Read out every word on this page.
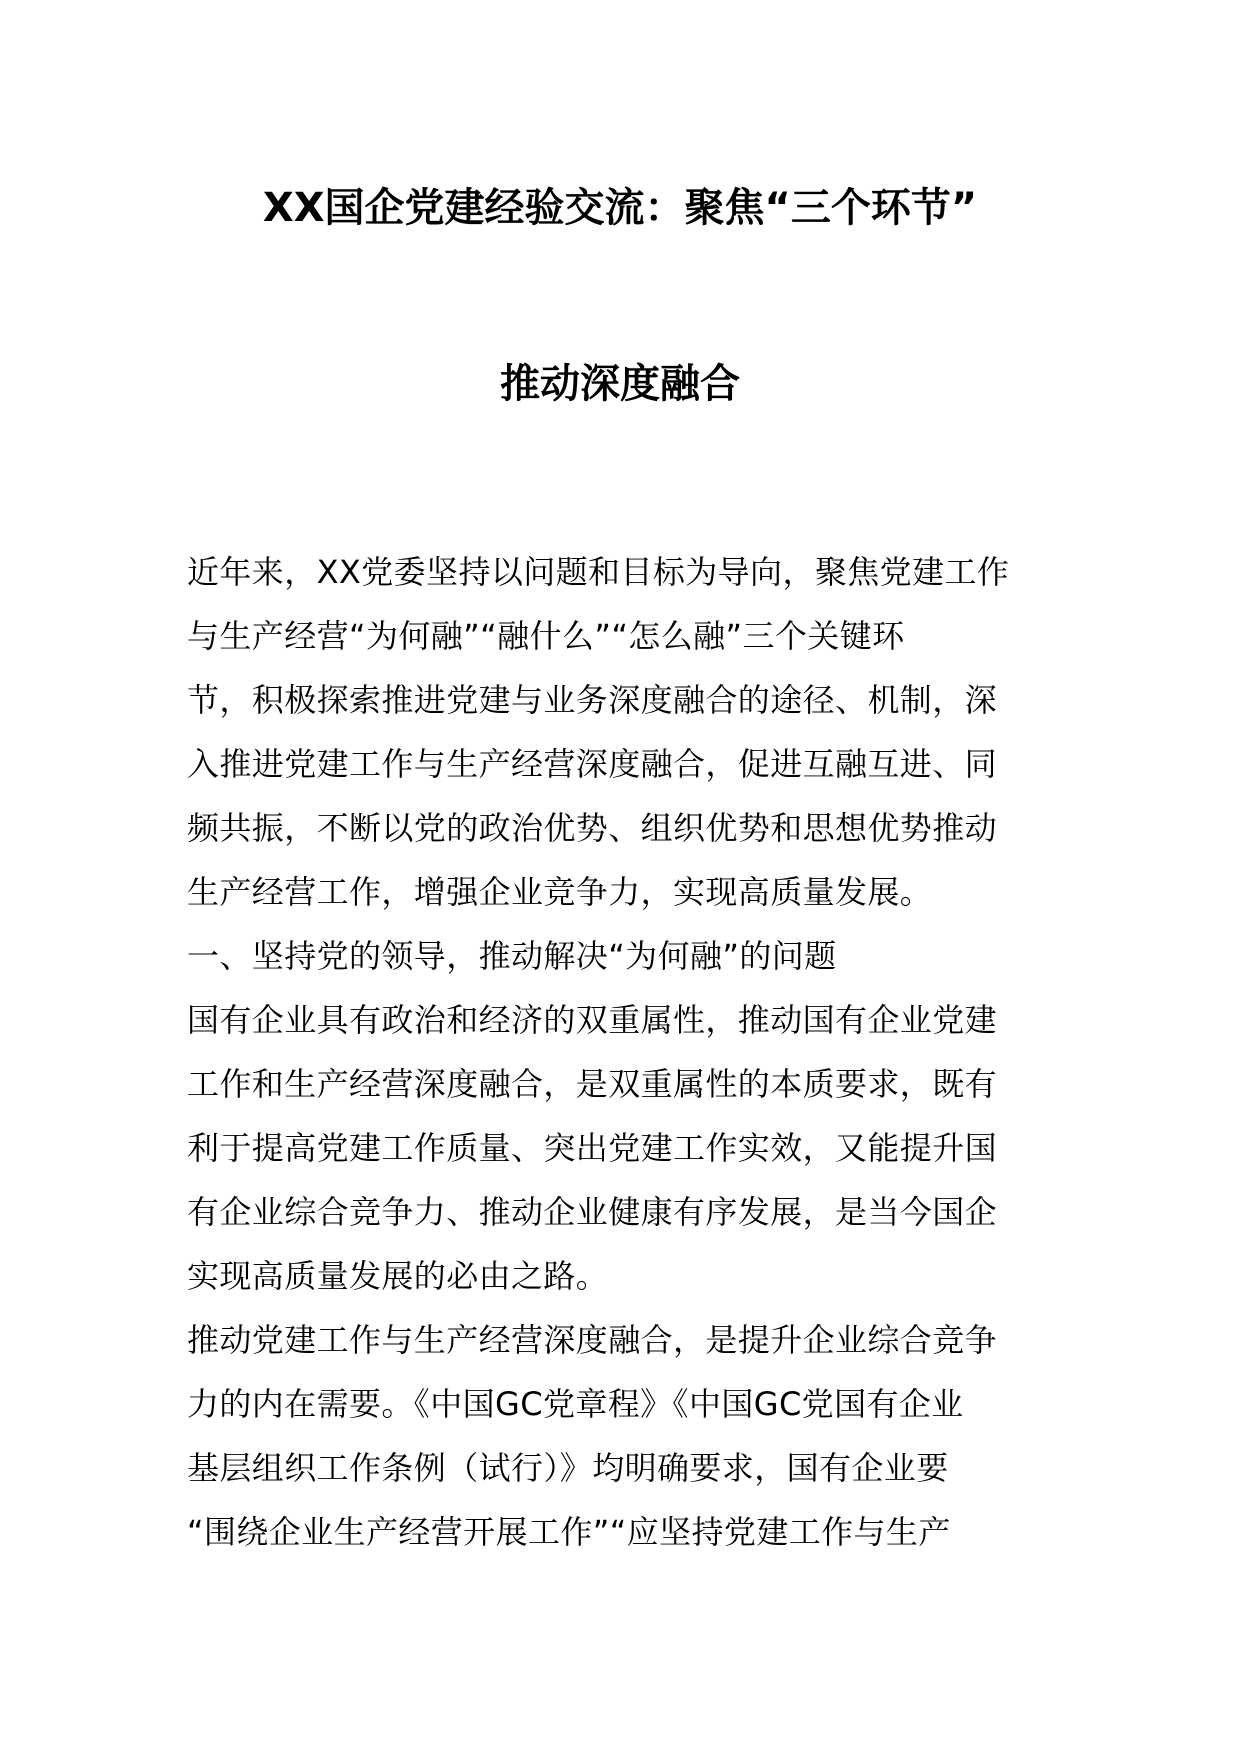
XX国企党建经验交流：聚焦“三个环节”
推动深度融合
近年来，XX党委坚持以问题和目标为导向，聚焦党建工作
与生产经营“为何融”“融什么”“怎么融”三个关键环
节，积极探索推进党建与业务深度融合的途径、机制，深
入推进党建工作与生产经营深度融合，促进互融互进、同
频共振，不断以党的政治优势、组织优势和思想优势推动
生产经营工作，增强企业竞争力，实现高质量发展。
一、坚持党的领导，推动解决“为何融”的问题
国有企业具有政治和经济的双重属性，推动国有企业党建
工作和生产经营深度融合，是双重属性的本质要求，既有
利于提高党建工作质量、突出党建工作实效，又能提升国
有企业综合竞争力、推动企业健康有序发展，是当今国企
实现高质量发展的必由之路。
推动党建工作与生产经营深度融合，是提升企业综合竞争
力的内在需要。《中国GC党章程》《中国GC党国有企业
基层组织工作条例（试行）》均明确要求，国有企业要
“围绕企业生产经营开展工作”“应坚持党建工作与生产
